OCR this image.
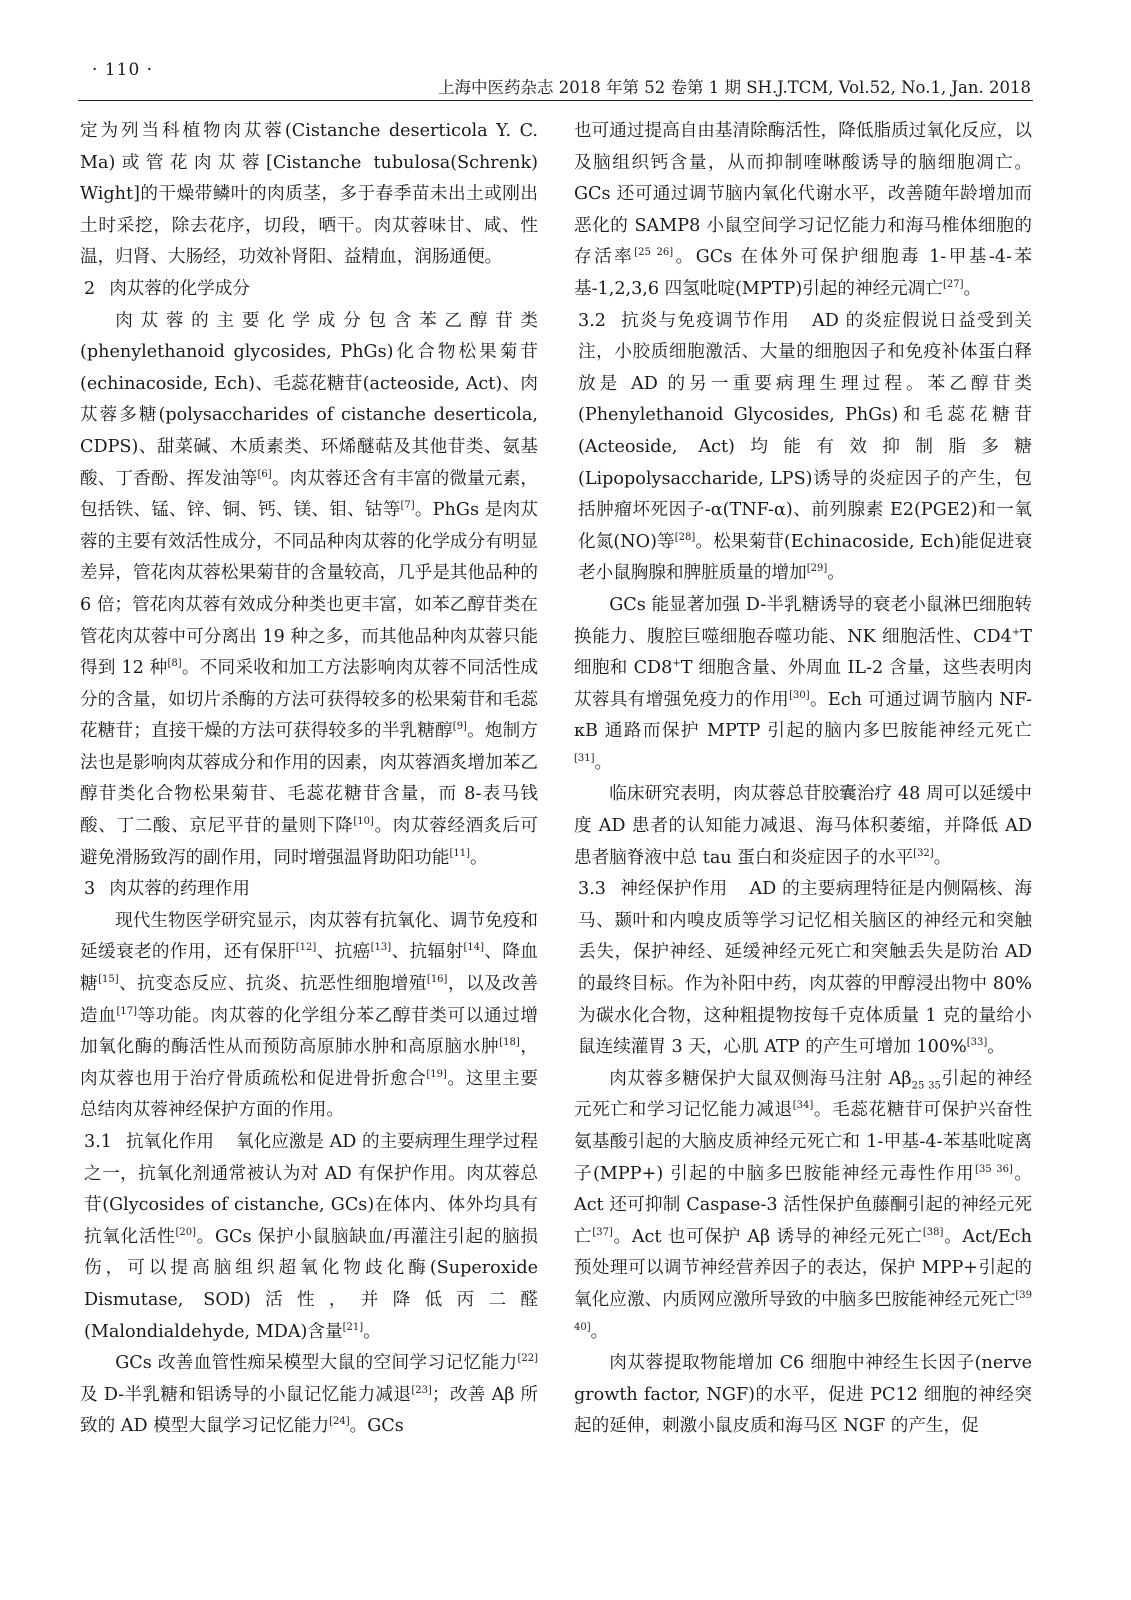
· 110 ·
上海中医药杂志 2018 年第 52 卷第 1 期 SH.J.TCM, Vol.52, No.1, Jan. 2018

定为列当科植物肉苁蓉(Cistanche deserticola Y. C. Ma)或管花肉苁蓉[Cistanche tubulosa(Schrenk) Wight]的干燥带鳞叶的肉质茎，多于春季苗未出土或刚出土时采挖，除去花序，切段，晒干。肉苁蓉味甘、咸、性温，归肾、大肠经，功效补肾阳、益精血，润肠通便。

2 肉苁蓉的化学成分

肉苁蓉的主要化学成分包含苯乙醇苷类(phenylethanoid glycosides, PhGs)化合物松果菊苷(echinacoside, Ech)、毛蕊花糖苷(acteoside, Act)、肉苁蓉多糖(polysaccharides of cistanche deserticola, CDPS)、甜菜碱、木质素类、环烯醚萜及其他苷类、氨基酸、丁香酚、挥发油等[6]。肉苁蓉还含有丰富的微量元素，包括铁、锰、锌、铜、钙、镁、钼、钴等[7]。PhGs 是肉苁蓉的主要有效活性成分，不同品种肉苁蓉的化学成分有明显差异，管花肉苁蓉松果菊苷的含量较高，几乎是其他品种的 6 倍；管花肉苁蓉有效成分种类也更丰富，如苯乙醇苷类在管花肉苁蓉中可分离出 19 种之多，而其他品种肉苁蓉只能得到 12 种[8]。不同采收和加工方法影响肉苁蓉不同活性成分的含量，如切片杀酶的方法可获得较多的松果菊苷和毛蕊花糖苷；直接干燥的方法可获得较多的半乳糖醇[9]。炮制方法也是影响肉苁蓉成分和作用的因素，肉苁蓉酒炙增加苯乙醇苷类化合物松果菊苷、毛蕊花糖苷含量，而 8-表马钱酸、丁二酸、京尼平苷的量则下降[10]。肉苁蓉经酒炙后可避免滑肠致泻的副作用，同时增强温肾助阳功能[11]。

3 肉苁蓉的药理作用

现代生物医学研究显示，肉苁蓉有抗氧化、调节免疫和延缓衰老的作用，还有保肝[12]、抗癌[13]、抗辐射[14]、降血糖[15]、抗变态反应、抗炎、抗恶性细胞增殖[16]，以及改善造血[17]等功能。肉苁蓉的化学组分苯乙醇苷类可以通过增加氧化酶的酶活性从而预防高原肺水肿和高原脑水肿[18]，肉苁蓉也用于治疗骨质疏松和促进骨折愈合[19]。这里主要总结肉苁蓉神经保护方面的作用。

3.1 抗氧化作用 氧化应激是 AD 的主要病理生理学过程之一，抗氧化剂通常被认为对 AD 有保护作用。肉苁蓉总苷(Glycosides of cistanche, GCs)在体内、体外均具有抗氧化活性[20]。GCs 保护小鼠脑缺血/再灌注引起的脑损伤，可以提高脑组织超氧化物歧化酶(Superoxide Dismutase, SOD)活性，并降低丙二醛(Malondialdehyde, MDA)含量[21]。

GCs 改善血管性痴呆模型大鼠的空间学习记忆能力[22]及 D-半乳糖和铝诱导的小鼠记忆能力减退[23]；改善 Aβ 所致的 AD 模型大鼠学习记忆能力[24]。GCs

也可通过提高自由基清除酶活性，降低脂质过氧化反应，以及脑组织钙含量，从而抑制喹啉酸诱导的脑细胞凋亡。GCs 还可通过调节脑内氧化代谢水平，改善随年龄增加而恶化的 SAMP8 小鼠空间学习记忆能力和海马椎体细胞的存活率[25 26]。GCs 在体外可保护细胞毒 1-甲基-4-苯基-1,2,3,6 四氢吡啶(MPTP)引起的神经元凋亡[27]。

3.2 抗炎与免疫调节作用 AD 的炎症假说日益受到关注，小胶质细胞激活、大量的细胞因子和免疫补体蛋白释放是 AD 的另一重要病理生理过程。苯乙醇苷类(Phenylethanoid Glycosides, PhGs)和毛蕊花糖苷(Acteoside, Act)均能有效抑制脂多糖(Lipopolysaccharide, LPS)诱导的炎症因子的产生，包括肿瘤坏死因子-α(TNF-α)、前列腺素 E2(PGE2)和一氧化氮(NO)等[28]。松果菊苷(Echinacoside, Ech)能促进衰老小鼠胸腺和脾脏质量的增加[29]。

GCs 能显著加强 D-半乳糖诱导的衰老小鼠淋巴细胞转换能力、腹腔巨噬细胞吞噬功能、NK 细胞活性、CD4+T 细胞和 CD8+T 细胞含量、外周血 IL-2 含量，这些表明肉苁蓉具有增强免疫力的作用[30]。Ech 可通过调节脑内 NF-κB 通路而保护 MPTP 引起的脑内多巴胺能神经元死亡[31]。

临床研究表明，肉苁蓉总苷胶囊治疗 48 周可以延缓中度 AD 患者的认知能力减退、海马体积萎缩，并降低 AD 患者脑脊液中总 tau 蛋白和炎症因子的水平[32]。

3.3 神经保护作用 AD 的主要病理特征是内侧隔核、海马、颞叶和内嗅皮质等学习记忆相关脑区的神经元和突触丢失，保护神经、延缓神经元死亡和突触丢失是防治 AD 的最终目标。作为补阳中药，肉苁蓉的甲醇浸出物中 80% 为碳水化合物，这种粗提物按每千克体质量 1 克的量给小鼠连续灌胃 3 天，心肌 ATP 的产生可增加 100%[33]。

肉苁蓉多糖保护大鼠双侧海马注射 $A\beta_{25 35}$引起的神经元死亡和学习记忆能力减退[34]。毛蕊花糖苷可保护兴奋性氨基酸引起的大脑皮质神经元死亡和 1-甲基-4-苯基吡啶离子(MPP+) 引起的中脑多巴胺能神经元毒性作用[35 36]。Act 还可抑制 Caspase-3 活性保护鱼藤酮引起的神经元死亡[37]。Act 也可保护 Aβ 诱导的神经元死亡[38]。Act/Ech 预处理可以调节神经营养因子的表达，保护 MPP+引起的氧化应激、内质网应激所导致的中脑多巴胺能神经元死亡[39 40]。

肉苁蓉提取物能增加 C6 细胞中神经生长因子(nerve growth factor, NGF)的水平，促进 PC12 细胞的神经突起的延伸，刺激小鼠皮质和海马区 NGF 的产生，促
